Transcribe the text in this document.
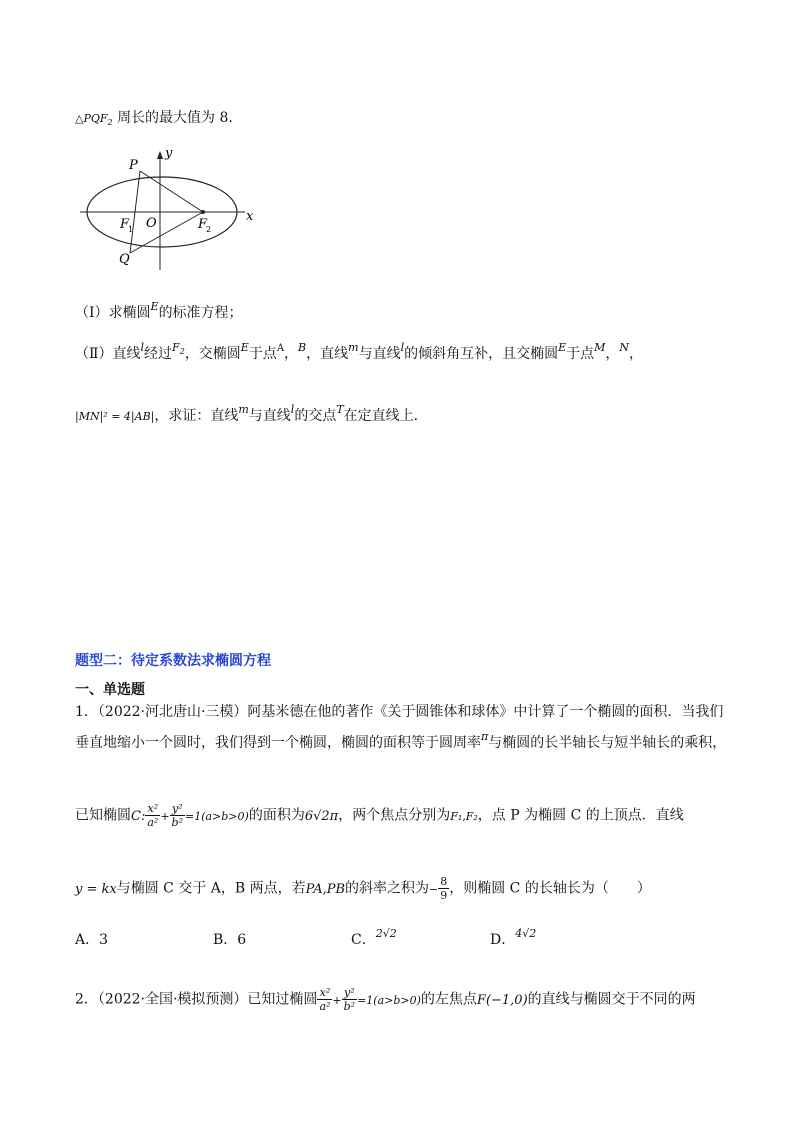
$\triangle PQF_2$ 周长的最大值为 8.
P
Q
F
1 O	F
2
x
y
（Ⅰ）求椭圆$^E$的标准方程；
（Ⅱ）直线$^l$经过$^{F2}$，交椭圆$^E$于点$^A$，$^B$，直线$^m$与直线$^l$的倾斜角互补，且交椭圆$^E$于点$^M$，$^N$，
|MN|² = 4|AB|，求证：直线$^m$与直线$^l$的交点$^T$在定直线上.
题型二：待定系数法求椭圆方程
一、单选题
1．（2022·河北唐山·三模）阿基米德在他的著作《关于圆锥体和球体》中计算了一个椭圆的面积．当我们
垂直地缩小一个圆时，我们得到一个椭圆，椭圆的面积等于圆周率$^\pi$与椭圆的长半轴长与短半轴长的乘积，
已知椭圆C: $\frac{\text{x²}}{\text{a²}} + \frac{\text{y²}}{\text{b²}} =1(a>b>0)$的面积为6√2π，两个焦点分别为F₁,F₂，点 P 为椭圆 C 的上顶点．直线
y = kx与椭圆 C 交于 A，B 两点，若PA,PB的斜率之积为− $\frac{8}{9}$ ，则椭圆 C 的长轴长为（　　）
A．3	B．6	C．2√2	D．4√2
2．（2022·全国·模拟预测）已知过椭圆 $\frac{\text{x²}}{\text{a²}} + \frac{\text{y²}}{\text{b²}} =1(a>b>0)$的左焦点F(−1,0)的直线与椭圆交于不同的两
